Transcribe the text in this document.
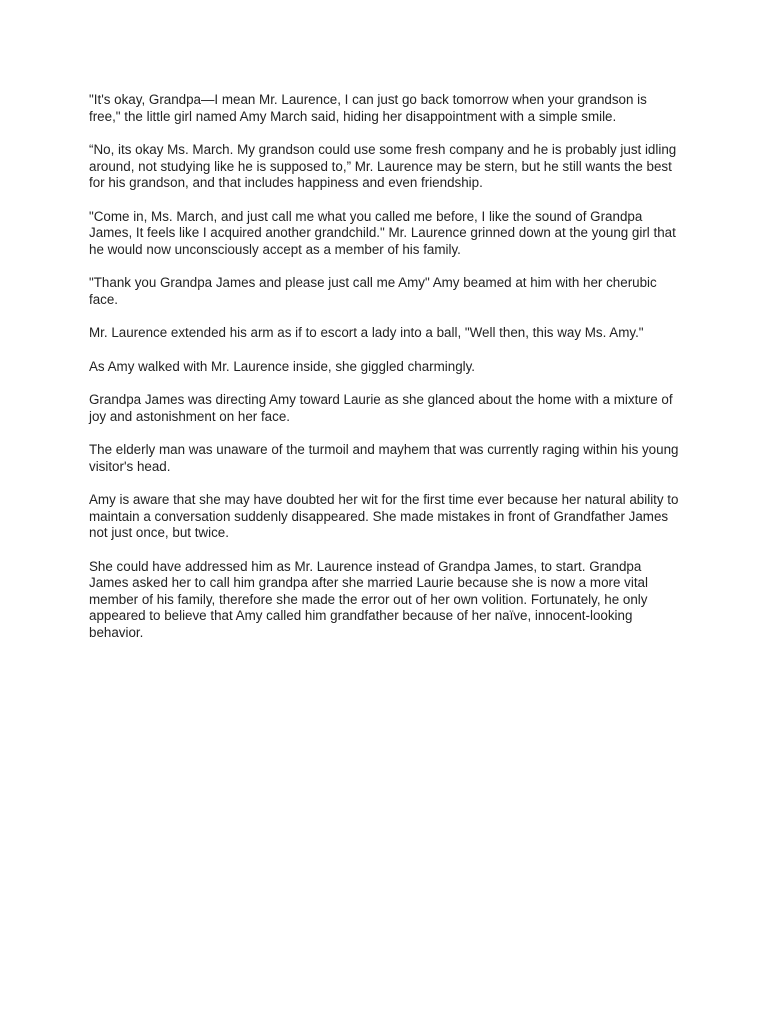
"It's okay, Grandpa—I mean Mr. Laurence, I can just go back tomorrow when your grandson is free," the little girl named Amy March said, hiding her disappointment with a simple smile.

“No, its okay Ms. March. My grandson could use some fresh company and he is probably just idling around, not studying like he is supposed to,” Mr. Laurence may be stern, but he still wants the best for his grandson, and that includes happiness and even friendship.

"Come in, Ms. March, and just call me what you called me before, I like the sound of Grandpa James, It feels like I acquired another grandchild." Mr. Laurence grinned down at the young girl that he would now unconsciously accept as a member of his family.

"Thank you Grandpa James and please just call me Amy" Amy beamed at him with her cherubic face.

Mr. Laurence extended his arm as if to escort a lady into a ball, "Well then, this way Ms. Amy."

As Amy walked with Mr. Laurence inside, she giggled charmingly.

Grandpa James was directing Amy toward Laurie as she glanced about the home with a mixture of joy and astonishment on her face.

The elderly man was unaware of the turmoil and mayhem that was currently raging within his young visitor's head.

Amy is aware that she may have doubted her wit for the first time ever because her natural ability to maintain a conversation suddenly disappeared. She made mistakes in front of Grandfather James not just once, but twice.

She could have addressed him as Mr. Laurence instead of Grandpa James, to start. Grandpa James asked her to call him grandpa after she married Laurie because she is now a more vital member of his family, therefore she made the error out of her own volition. Fortunately, he only appeared to believe that Amy called him grandfather because of her naïve, innocent-looking behavior.
